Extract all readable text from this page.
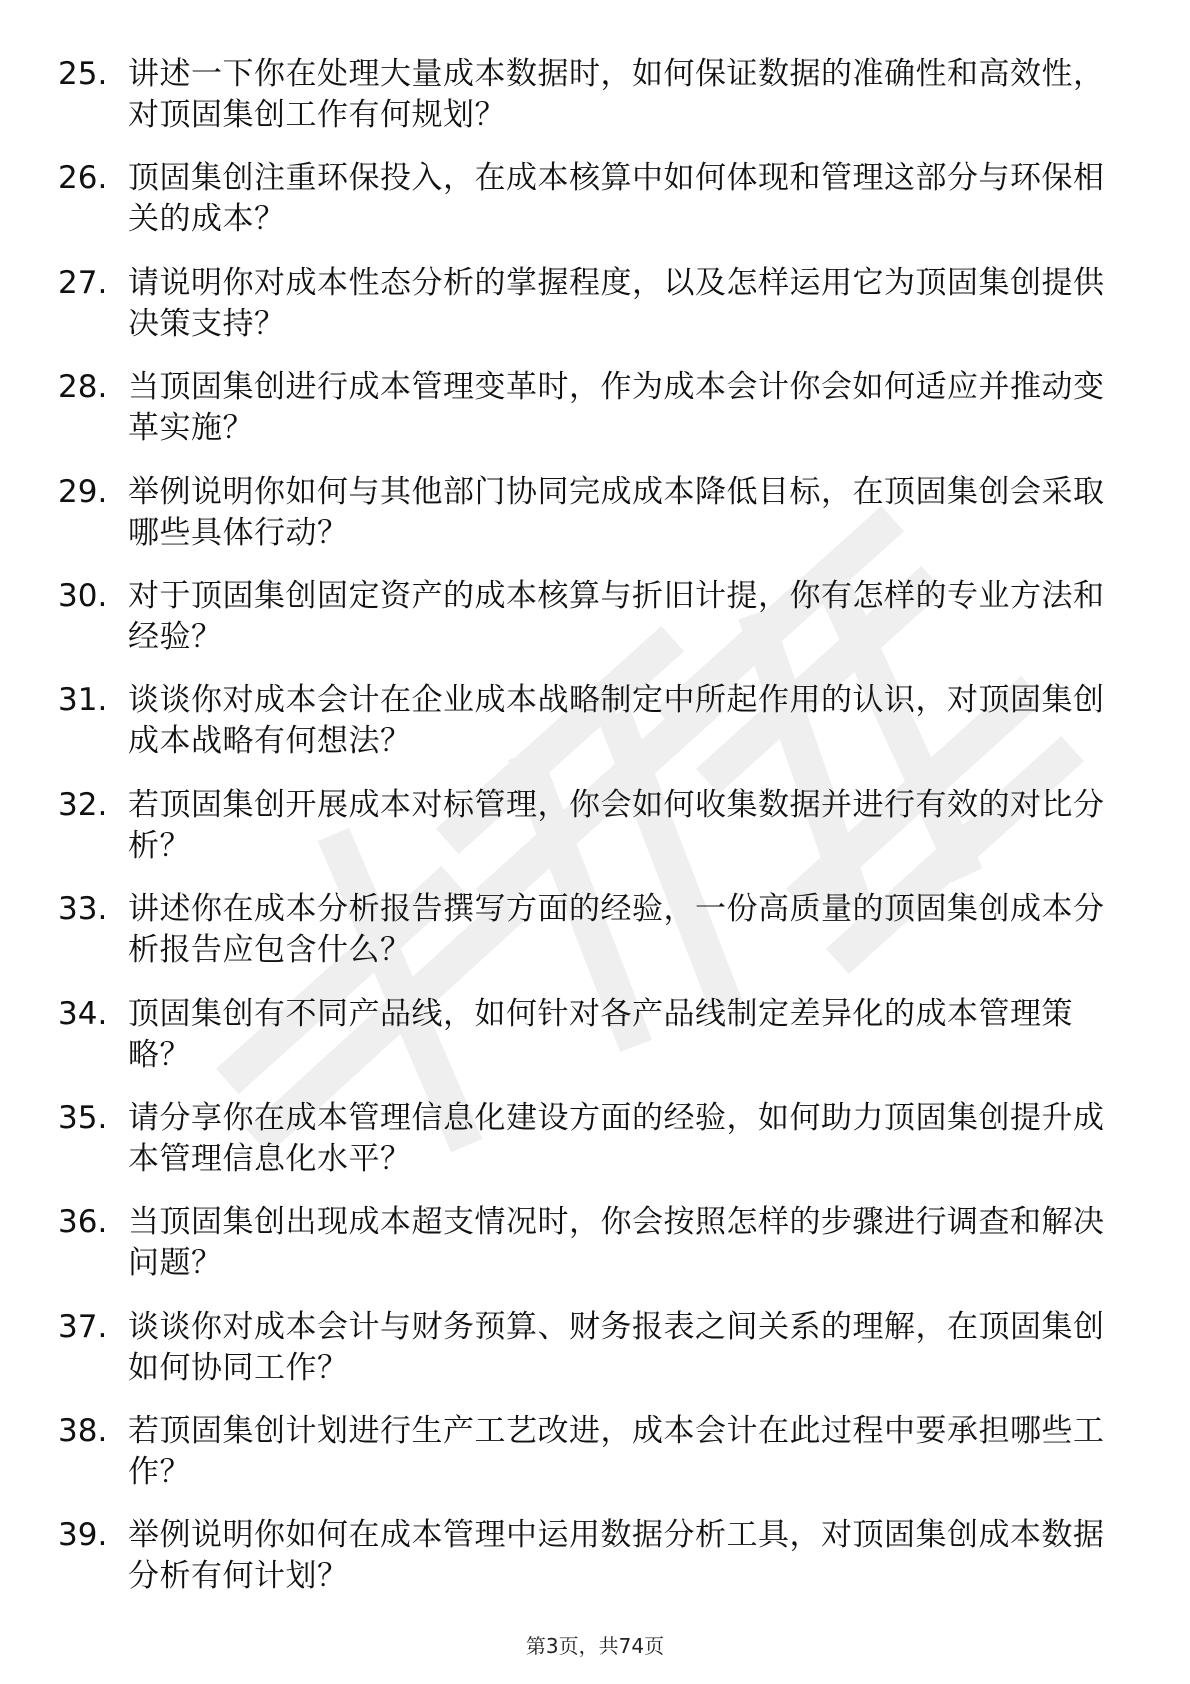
25. 讲述一下你在处理大量成本数据时，如何保证数据的准确性和高效性，对顶固集创工作有何规划？
26. 顶固集创注重环保投入，在成本核算中如何体现和管理这部分与环保相关的成本？
27. 请说明你对成本性态分析的掌握程度，以及怎样运用它为顶固集创提供决策支持？
28. 当顶固集创进行成本管理变革时，作为成本会计你会如何适应并推动变革实施？
29. 举例说明你如何与其他部门协同完成成本降低目标，在顶固集创会采取哪些具体行动？
30. 对于顶固集创固定资产的成本核算与折旧计提，你有怎样的专业方法和经验？
31. 谈谈你对成本会计在企业成本战略制定中所起作用的认识，对顶固集创成本战略有何想法？
32. 若顶固集创开展成本对标管理，你会如何收集数据并进行有效的对比分析？
33. 讲述你在成本分析报告撰写方面的经验，一份高质量的顶固集创成本分析报告应包含什么？
34. 顶固集创有不同产品线，如何针对各产品线制定差异化的成本管理策略？
35. 请分享你在成本管理信息化建设方面的经验，如何助力顶固集创提升成本管理信息化水平？
36. 当顶固集创出现成本超支情况时，你会按照怎样的步骤进行调查和解决问题？
37. 谈谈你对成本会计与财务预算、财务报表之间关系的理解，在顶固集创如何协同工作？
38. 若顶固集创计划进行生产工艺改进，成本会计在此过程中要承担哪些工作？
39. 举例说明你如何在成本管理中运用数据分析工具，对顶固集创成本数据分析有何计划？
第3页，共74页
